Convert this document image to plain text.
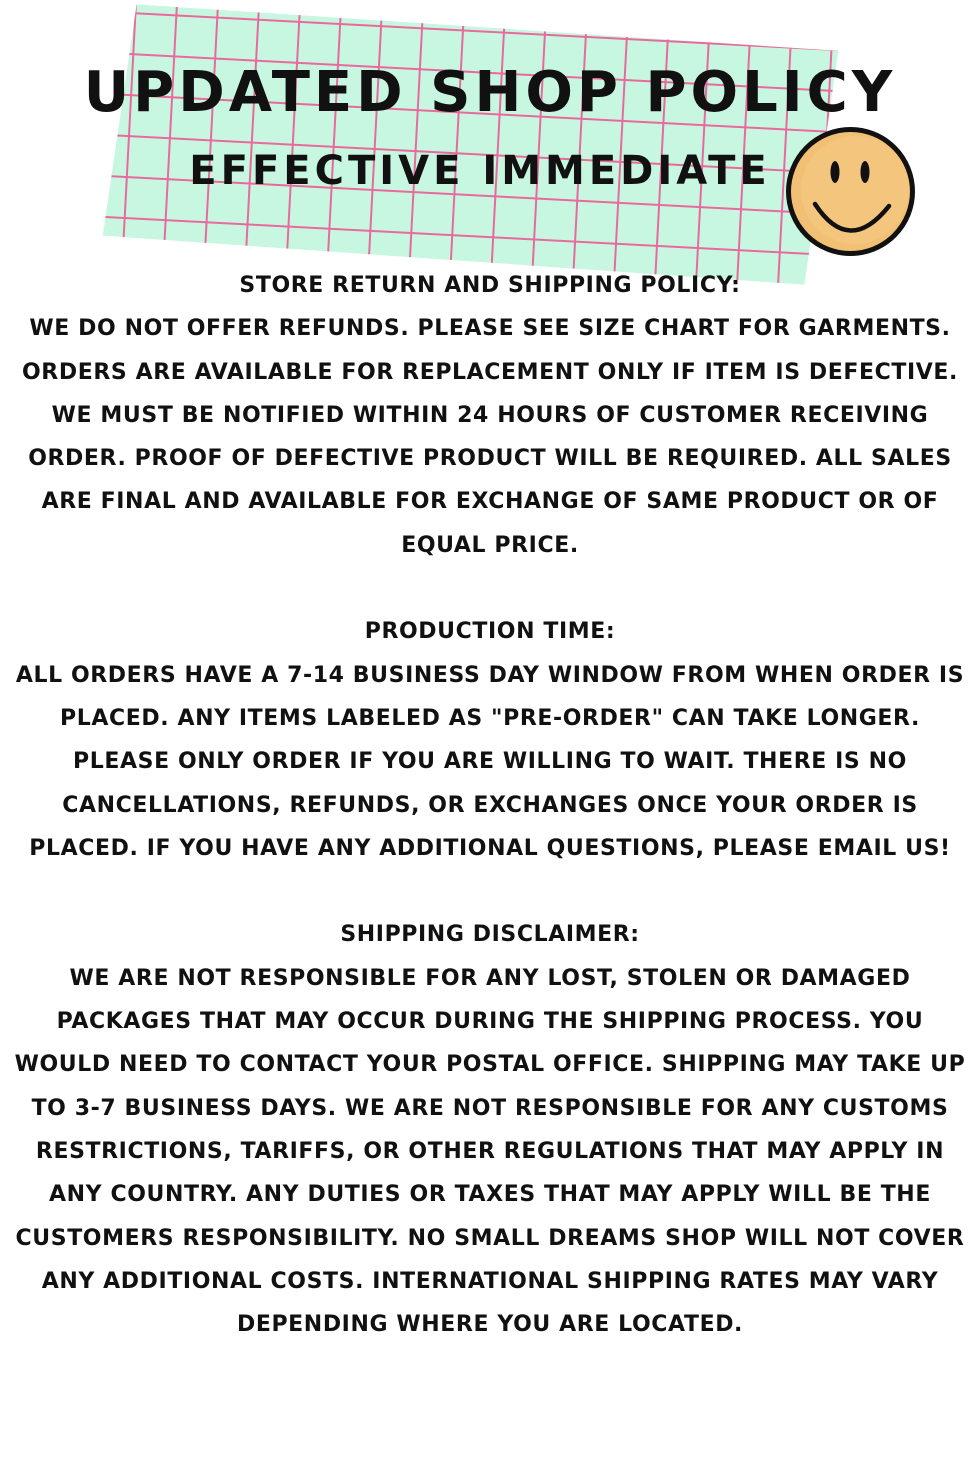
UPDATED SHOP POLICY
EFFECTIVE IMMEDIATE

STORE RETURN AND SHIPPING POLICY:

WE DO NOT OFFER REFUNDS. PLEASE SEE SIZE CHART FOR GARMENTS. ORDERS ARE AVAILABLE FOR REPLACEMENT ONLY IF ITEM IS DEFECTIVE. WE MUST BE NOTIFIED WITHIN 24 HOURS OF CUSTOMER RECEIVING ORDER. PROOF OF DEFECTIVE PRODUCT WILL BE REQUIRED. ALL SALES ARE FINAL AND AVAILABLE FOR EXCHANGE OF SAME PRODUCT OR OF EQUAL PRICE.

PRODUCTION TIME:

ALL ORDERS HAVE A 7-14 BUSINESS DAY WINDOW FROM WHEN ORDER IS PLACED. ANY ITEMS LABELED AS "PRE-ORDER" CAN TAKE LONGER. PLEASE ONLY ORDER IF YOU ARE WILLING TO WAIT. THERE IS NO CANCELLATIONS, REFUNDS, OR EXCHANGES ONCE YOUR ORDER IS PLACED. IF YOU HAVE ANY ADDITIONAL QUESTIONS, PLEASE EMAIL US!

SHIPPING DISCLAIMER:

WE ARE NOT RESPONSIBLE FOR ANY LOST, STOLEN OR DAMAGED PACKAGES THAT MAY OCCUR DURING THE SHIPPING PROCESS. YOU WOULD NEED TO CONTACT YOUR POSTAL OFFICE. SHIPPING MAY TAKE UP TO 3-7 BUSINESS DAYS. WE ARE NOT RESPONSIBLE FOR ANY CUSTOMS RESTRICTIONS, TARIFFS, OR OTHER REGULATIONS THAT MAY APPLY IN ANY COUNTRY. ANY DUTIES OR TAXES THAT MAY APPLY WILL BE THE CUSTOMERS RESPONSIBILITY. NO SMALL DREAMS SHOP WILL NOT COVER ANY ADDITIONAL COSTS. INTERNATIONAL SHIPPING RATES MAY VARY DEPENDING WHERE YOU ARE LOCATED.
